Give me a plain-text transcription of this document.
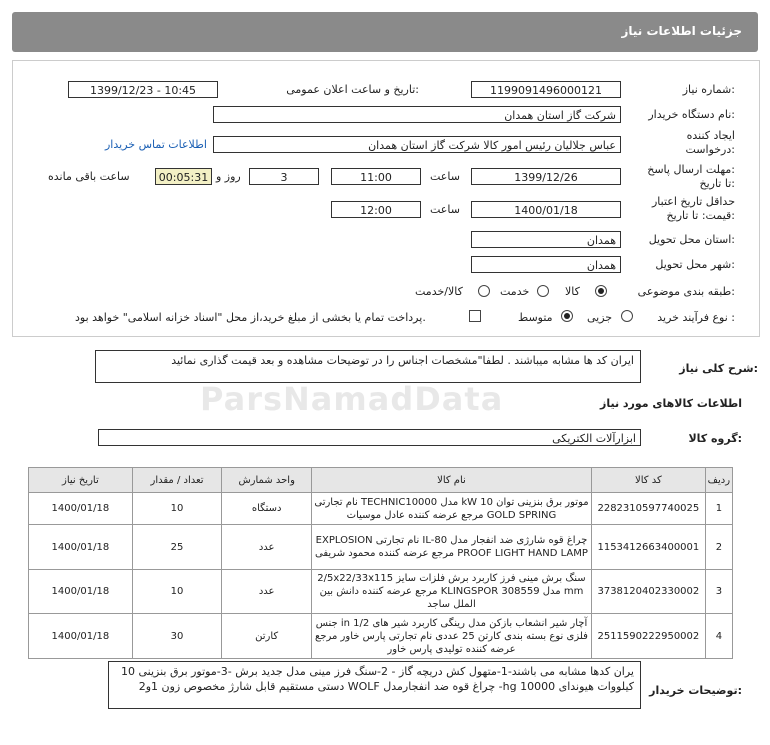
جزئیات اطلاعات نیاز
شماره نیاز:
1199091496000121
تاریخ و ساعت اعلان عمومی:
1399/12/23 - 10:45
نام دستگاه خریدار:
شرکت گاز استان همدان
ایجاد کننده
درخواست:
عباس جلالیان رئیس امور کالا شرکت گاز استان همدان
اطلاعات تماس خریدار
مهلت ارسال پاسخ:
تا تاریخ:
1399/12/26
ساعت
11:00
3
روز و
00:05:31
ساعت باقی مانده
حداقل تاریخ اعتبار
قیمت: تا تاریخ:
1400/01/18
ساعت
12:00
استان محل تحویل:
همدان
شهر محل تحویل:
همدان
طبقه بندی موضوعی:
کالا
خدمت
کالا/خدمت
نوع فرآیند خرید :
جزیی
متوسط
پرداخت تمام یا بخشی از مبلغ خرید،از محل "اسناد خزانه اسلامی" خواهد بود.
ParsNamadData
شرح کلی نیاز:
ایران کد ها مشابه میباشند . لطفا"مشخصات اجناس را در توضیحات مشاهده و بعد قیمت گذاری نمائید
اطلاعات کالاهای مورد نیاز
گروه کالا:
ابزارآلات الکتریکی
تاریخ نیاز	تعداد / مقدار	واحد شمارش	نام کالا	کد کالا	ردیف
1400/01/18	10	دستگاه	موتور برق بنزینی توان 10 kW مدل TECHNIC10000 نام تجارتی GOLD SPRING مرجع عرضه کننده عادل موسیات	2282310597740025	1
1400/01/18	25	عدد	چراغ قوه شارژی ضد انفجار مدل IL-80 نام تجارتی EXPLOSION PROOF LIGHT HAND LAMP مرجع عرضه کننده محمود شریفی	1153412663400001	2
1400/01/18	10	عدد	سنگ برش مینی فرز کاربرد برش فلزات سایز 2/5x22/33x115 mm مدل 308559 KLINGSPOR مرجع عرضه کننده دانش بین الملل ساجد	3738120402330002	3
1400/01/18	30	کارتن	آچار شیر انشعاب بازکن مدل رینگی کاربرد شیر های 1/2 in جنس فلزی نوع بسته بندی کارتن 25 عددی نام تجارتی پارس خاور مرجع عرضه کننده تولیدی پارس خاور	2511590222950002	4
توضیحات خریدار:
یران کدها مشابه می باشند-1-متهول کش دریچه گاز - 2-سنگ فرز مینی مدل جدید برش -3-موتور برق بنزینی 10 کیلووات هیوندای 10000 hg- چراغ قوه ضد انفجارمدل WOLF دستی مستقیم قابل شارژ مخصوص زون 1و2
